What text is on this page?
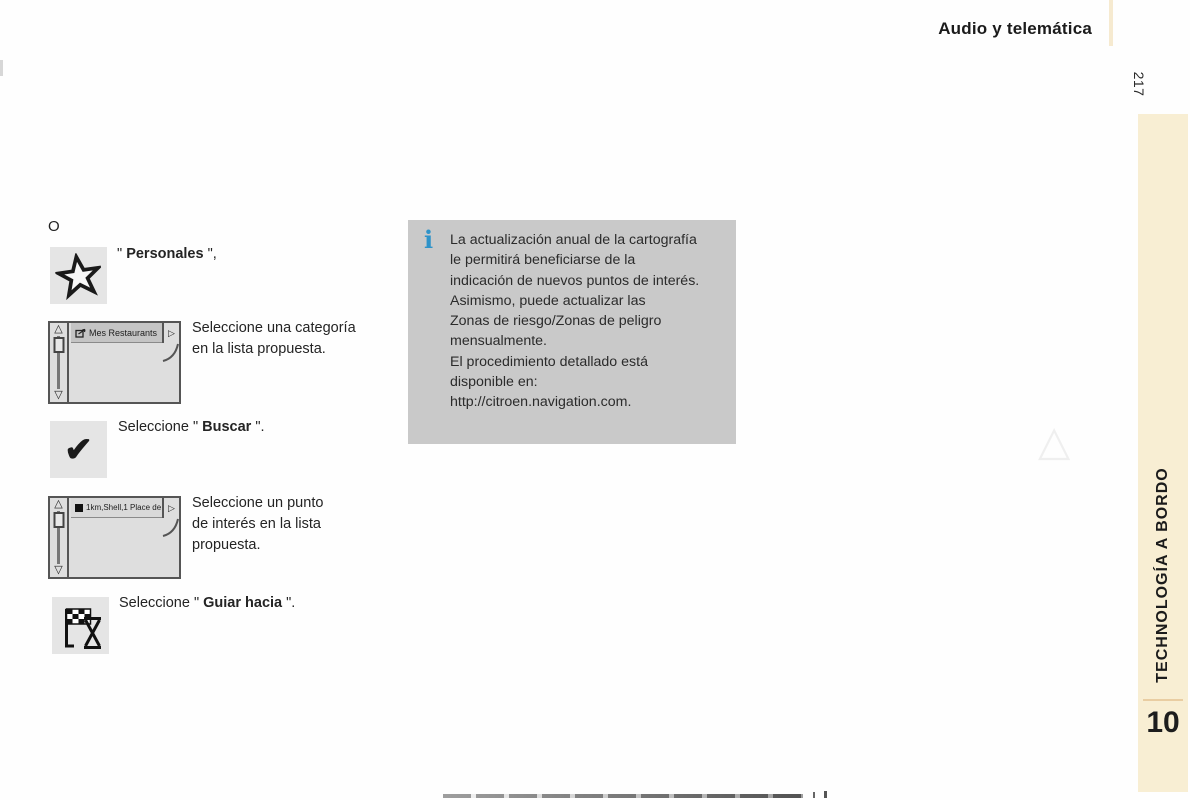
Audio y telemática
217
TECHNOLOGÍA A BORDO
10
O
" Personales ",
△
▽
Mes Restaurants	▷ Seleccione una categoría
en la lista propuesta.
✔
Seleccione " Buscar ".
△
▽
1km,Shell,1 Place de ▷ Seleccione un punto
de interés en la lista
propuesta.
Seleccione " Guiar hacia ".
i La actualización anual de la cartografía
le permitirá beneficiarse de la
indicación de nuevos puntos de interés.
Asimismo, puede actualizar las
Zonas de riesgo/Zonas de peligro
mensualmente.
El procedimiento detallado está
disponible en:
http://citroen.navigation.com.
△
